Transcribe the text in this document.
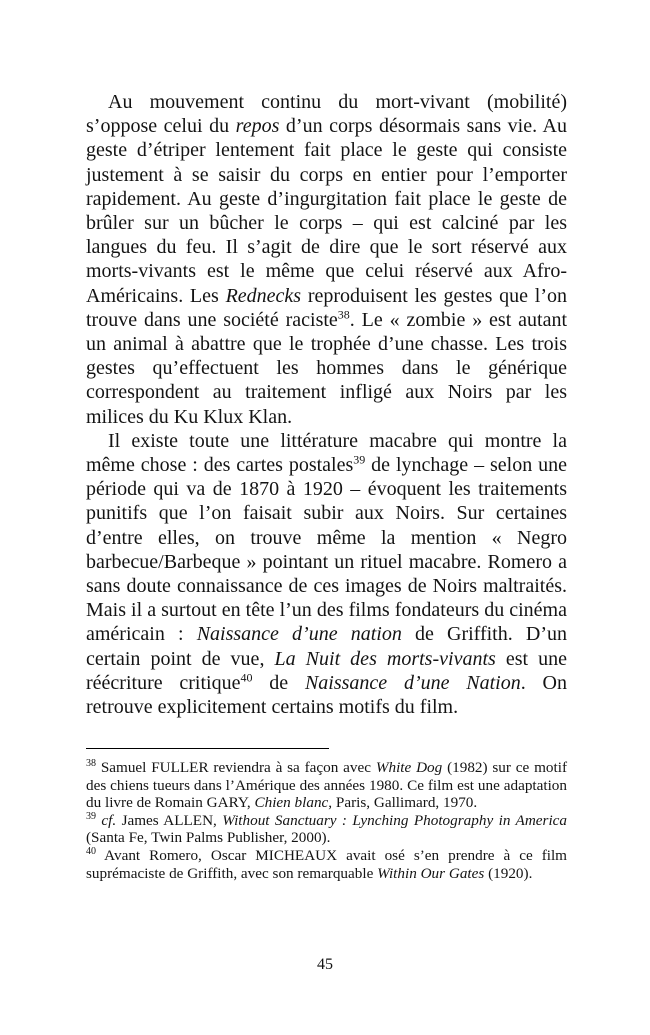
Au mouvement continu du mort-vivant (mobilité) s’oppose celui du repos d’un corps désormais sans vie. Au geste d’étriper lentement fait place le geste qui consiste justement à se saisir du corps en entier pour l’emporter rapidement. Au geste d’ingurgitation fait place le geste de brûler sur un bûcher le corps – qui est calciné par les langues du feu. Il s’agit de dire que le sort réservé aux morts-vivants est le même que celui réservé aux Afro-Américains. Les Rednecks reproduisent les gestes que l’on trouve dans une société raciste$^{38}$. Le « zombie » est autant un animal à abattre que le trophée d’une chasse. Les trois gestes qu’effectuent les hommes dans le générique correspondent au traitement infligé aux Noirs par les milices du Ku Klux Klan.

Il existe toute une littérature macabre qui montre la même chose : des cartes postales$^{39}$ de lynchage – selon une période qui va de 1870 à 1920 – évoquent les traitements punitifs que l’on faisait subir aux Noirs. Sur certaines d’entre elles, on trouve même la mention « Negro barbecue/Barbeque » pointant un rituel macabre. Romero a sans doute connaissance de ces images de Noirs maltraités. Mais il a surtout en tête l’un des films fondateurs du cinéma américain : Naissance d’une nation de Griffith. D’un certain point de vue, La Nuit des morts-vivants est une réécriture critique$^{40}$ de Naissance d’une Nation. On retrouve explicitement certains motifs du film.

$^{38}$ Samuel FULLER reviendra à sa façon avec White Dog (1982) sur ce motif des chiens tueurs dans l’Amérique des années 1980. Ce film est une adaptation du livre de Romain GARY, Chien blanc, Paris, Gallimard, 1970.

$^{39}$ cf. James ALLEN, Without Sanctuary : Lynching Photography in America (Santa Fe, Twin Palms Publisher, 2000).

$^{40}$ Avant Romero, Oscar MICHEAUX avait osé s’en prendre à ce film suprémaciste de Griffith, avec son remarquable Within Our Gates (1920).

45
